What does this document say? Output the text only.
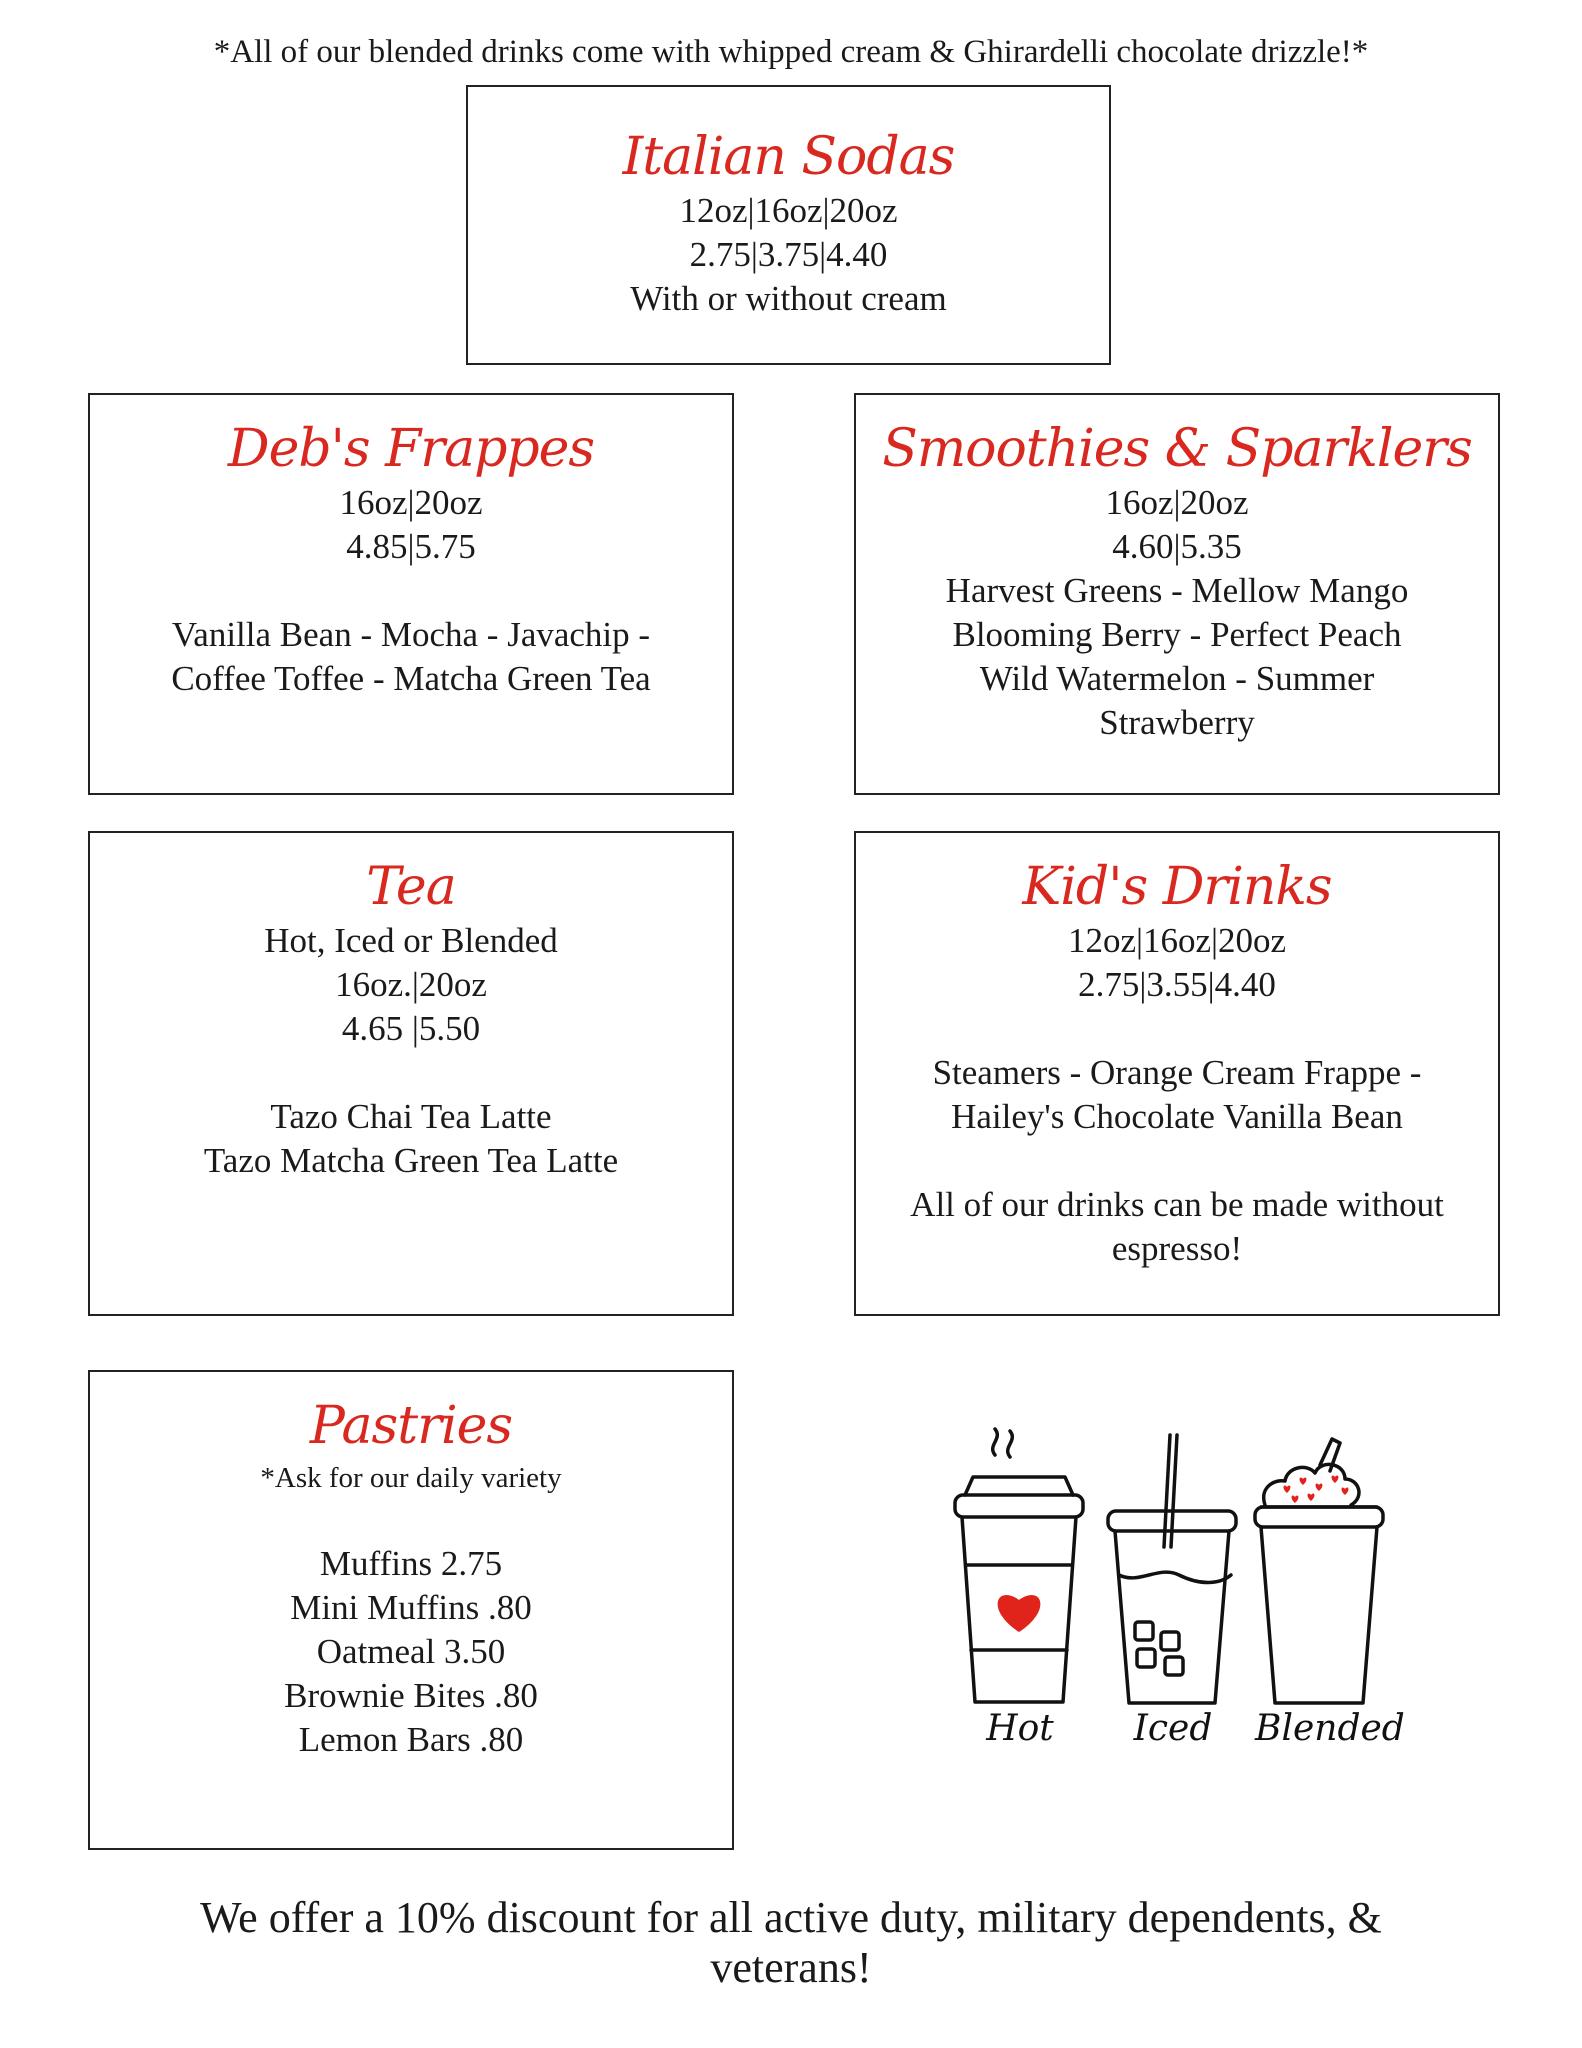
*All of our blended drinks come with whipped cream & Ghirardelli chocolate drizzle!*
Italian Sodas
12oz|16oz|20oz
2.75|3.75|4.40
With or without cream
Deb's Frappes
16oz|20oz
4.85|5.75
Vanilla Bean - Mocha - Javachip -
Coffee Toffee - Matcha Green Tea
Smoothies & Sparklers
16oz|20oz
4.60|5.35
Harvest Greens - Mellow Mango
Blooming Berry - Perfect Peach
Wild Watermelon - Summer
Strawberry
Tea
Hot, Iced or Blended
16oz.|20oz
4.65 |5.50
Tazo Chai Tea Latte
Tazo Matcha Green Tea Latte
Kid's Drinks
12oz|16oz|20oz
2.75|3.55|4.40
Steamers - Orange Cream Frappe -
Hailey's Chocolate Vanilla Bean
All of our drinks can be made without
espresso!
Pastries
*Ask for our daily variety
Muffins 2.75
Mini Muffins .80
Oatmeal 3.50
Brownie Bites .80
Lemon Bars .80	Hot	Iced	Blended
We offer a 10% discount for all active duty, military dependents, &
veterans!
